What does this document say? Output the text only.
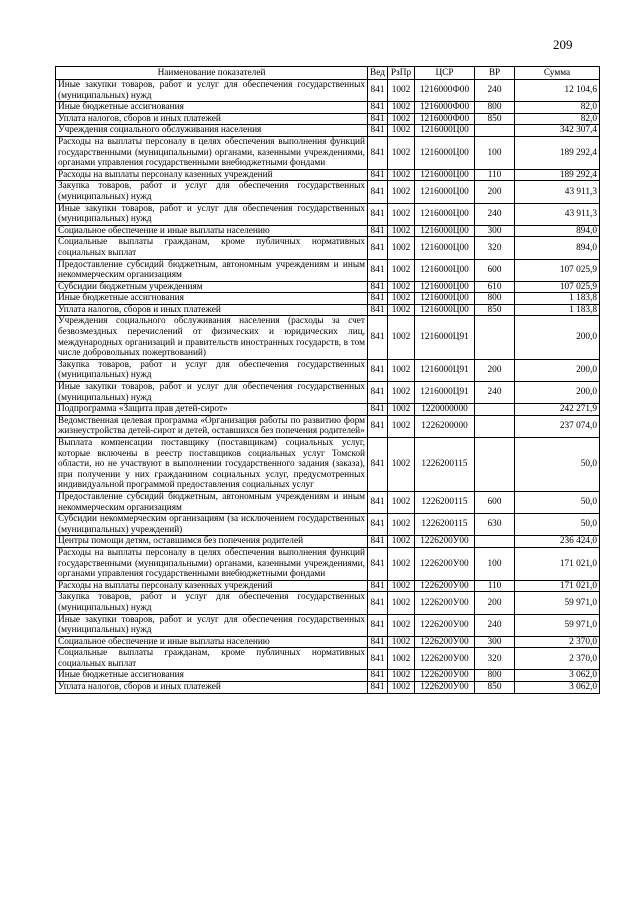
209
Наименование показателей	Вед	РзПр	ЦСР	ВР	Сумма
Иные закупки товаров, работ и услуг для обеспечения государственных (муниципальных) нужд	841	1002	1216000Ф00	240	12 104,6
Иные бюджетные ассигнования	841	1002	1216000Ф00	800	82,0
Уплата налогов, сборов и иных платежей	841	1002	1216000Ф00	850	82,0
Учреждения социального обслуживания населения	841	1002	1216000Ц00		342 307,4
Расходы на выплаты персоналу в целях обеспечения выполнения функций государственными (муниципальными) органами, казенными учреждениями, органами управления государственными внебюджетными фондами	841	1002	1216000Ц00	100	189 292,4
Расходы на выплаты персоналу казенных учреждений	841	1002	1216000Ц00	110	189 292,4
Закупка товаров, работ и услуг для обеспечения государственных (муниципальных) нужд	841	1002	1216000Ц00	200	43 911,3
Иные закупки товаров, работ и услуг для обеспечения государственных (муниципальных) нужд	841	1002	1216000Ц00	240	43 911,3
Социальное обеспечение и иные выплаты населению	841	1002	1216000Ц00	300	894,0
Социальные выплаты гражданам, кроме публичных нормативных социальных выплат	841	1002	1216000Ц00	320	894,0
Предоставление субсидий бюджетным, автономным учреждениям и иным некоммерческим организациям	841	1002	1216000Ц00	600	107 025,9
Субсидии бюджетным учреждениям	841	1002	1216000Ц00	610	107 025,9
Иные бюджетные ассигнования	841	1002	1216000Ц00	800	1 183,8
Уплата налогов, сборов и иных платежей	841	1002	1216000Ц00	850	1 183,8
Учреждения социального обслуживания населения (расходы за счет безвозмездных перечислений от физических и юридических лиц, международных организаций и правительств иностранных государств, в том числе добровольных пожертвований)	841	1002	1216000Ц91		200,0
Закупка товаров, работ и услуг для обеспечения государственных (муниципальных) нужд	841	1002	1216000Ц91	200	200,0
Иные закупки товаров, работ и услуг для обеспечения государственных (муниципальных) нужд	841	1002	1216000Ц91	240	200,0
Подпрограмма «Защита прав детей-сирот»	841	1002	1220000000		242 271,9
Ведомственная целевая программа «Организация работы по развитию форм жизнеустройства детей-сирот и детей, оставшихся без попечения родителей»	841	1002	1226200000		237 074,0
Выплата компенсации поставщику (поставщикам) социальных услуг, которые включены в реестр поставщиков социальных услуг Томской области, но не участвуют в выполнении государственного задания (заказа), при получении у них гражданином социальных услуг, предусмотренных индивидуальной программой предоставления социальных услуг	841	1002	1226200115		50,0
Предоставление субсидий бюджетным, автономным учреждениям и иным некоммерческим организациям	841	1002	1226200115	600	50,0
Субсидии некоммерческим организациям (за исключением государственных (муниципальных) учреждений)	841	1002	1226200115	630	50,0
Центры помощи детям, оставшимся без попечения родителей	841	1002	1226200У00		236 424,0
Расходы на выплаты персоналу в целях обеспечения выполнения функций государственными (муниципальными) органами, казенными учреждениями, органами управления государственными внебюджетными фондами	841	1002	1226200У00	100	171 021,0
Расходы на выплаты персоналу казенных учреждений	841	1002	1226200У00	110	171 021,0
Закупка товаров, работ и услуг для обеспечения государственных (муниципальных) нужд	841	1002	1226200У00	200	59 971,0
Иные закупки товаров, работ и услуг для обеспечения государственных (муниципальных) нужд	841	1002	1226200У00	240	59 971,0
Социальное обеспечение и иные выплаты населению	841	1002	1226200У00	300	2 370,0
Социальные выплаты гражданам, кроме публичных нормативных социальных выплат	841	1002	1226200У00	320	2 370,0
Иные бюджетные ассигнования	841	1002	1226200У00	800	3 062,0
Уплата налогов, сборов и иных платежей	841	1002	1226200У00	850	3 062,0
